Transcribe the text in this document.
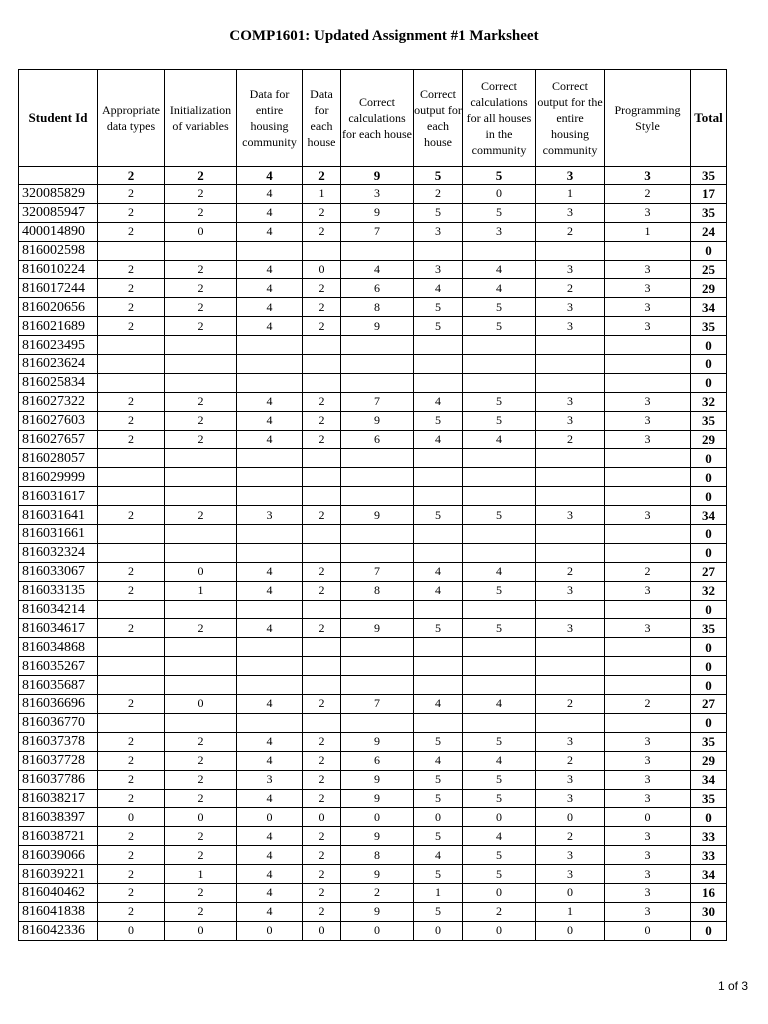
COMP1601: Updated Assignment #1 Marksheet
Student Id	Appropriate data types	Initialization of variables	Data for entire housing community	Data for each house	Correct calculations for each house	Correct output for each house	Correct calculations for all houses in the community	Correct output for the entire housing community	Programming Style	Total
	2	2	4	2	9	5	5	3	3	35
320085829	2	2	4	1	3	2	0	1	2	17
320085947	2	2	4	2	9	5	5	3	3	35
400014890	2	0	4	2	7	3	3	2	1	24
816002598										0
816010224	2	2	4	0	4	3	4	3	3	25
816017244	2	2	4	2	6	4	4	2	3	29
816020656	2	2	4	2	8	5	5	3	3	34
816021689	2	2	4	2	9	5	5	3	3	35
816023495										0
816023624										0
816025834										0
816027322	2	2	4	2	7	4	5	3	3	32
816027603	2	2	4	2	9	5	5	3	3	35
816027657	2	2	4	2	6	4	4	2	3	29
816028057										0
816029999										0
816031617										0
816031641	2	2	3	2	9	5	5	3	3	34
816031661										0
816032324										0
816033067	2	0	4	2	7	4	4	2	2	27
816033135	2	1	4	2	8	4	5	3	3	32
816034214										0
816034617	2	2	4	2	9	5	5	3	3	35
816034868										0
816035267										0
816035687										0
816036696	2	0	4	2	7	4	4	2	2	27
816036770										0
816037378	2	2	4	2	9	5	5	3	3	35
816037728	2	2	4	2	6	4	4	2	3	29
816037786	2	2	3	2	9	5	5	3	3	34
816038217	2	2	4	2	9	5	5	3	3	35
816038397	0	0	0	0	0	0	0	0	0	0
816038721	2	2	4	2	9	5	4	2	3	33
816039066	2	2	4	2	8	4	5	3	3	33
816039221	2	1	4	2	9	5	5	3	3	34
816040462	2	2	4	2	2	1	0	0	3	16
816041838	2	2	4	2	9	5	2	1	3	30
816042336	0	0	0	0	0	0	0	0	0	0
1 of 3
